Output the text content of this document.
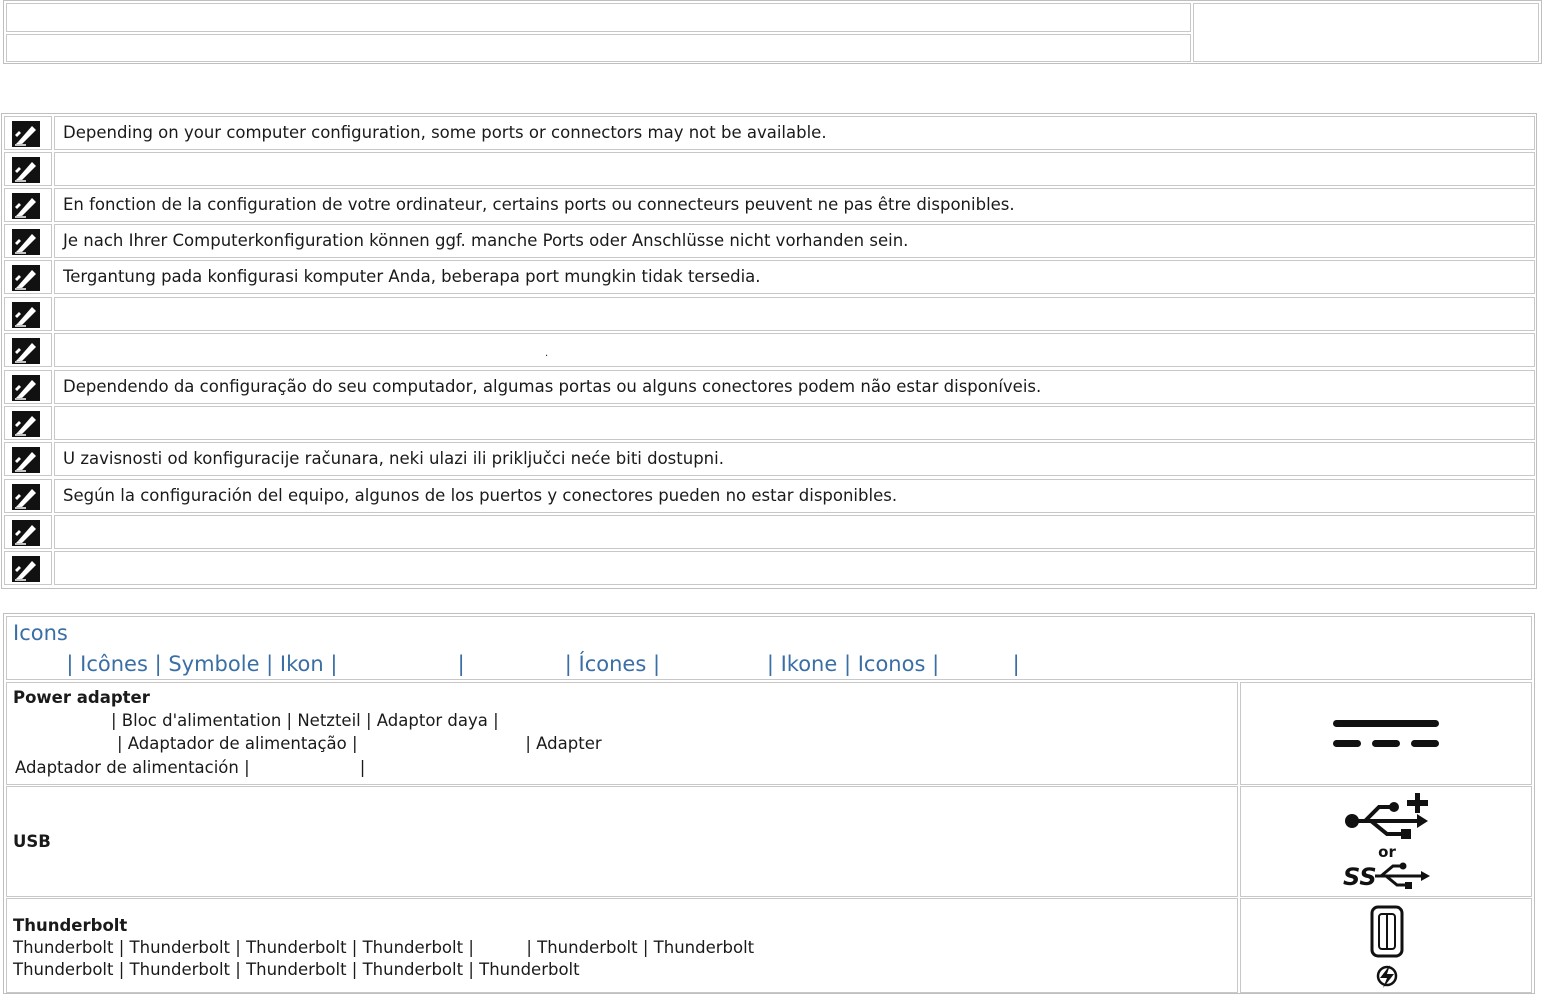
Depending on your computer configuration, some ports or connectors may not be available.
En fonction de la configuration de votre ordinateur, certains ports ou connecteurs peuvent ne pas être disponibles.
Je nach Ihrer Computerkonfiguration können ggf. manche Ports oder Anschlüsse nicht vorhanden sein.
Tergantung pada konfigurasi komputer Anda, beberapa port mungkin tidak tersedia.
.
Dependendo da configuração do seu computador, algumas portas ou alguns conectores podem não estar disponíveis.
U zavisnosti od konfiguracije računara, neki ulazi ili priključci neće biti dostupni.
Según la configuración del equipo, algunos de los puertos y conectores pueden no estar disponibles.
Icons
| Icônes | Symbole | Ikon |                  |               | Ícones |                | Ikone | Iconos |           |
Power adapter
| Bloc d'alimentation | Netzteil | Adaptor daya |
| Adaptador de alimentação |                                | Adapter
Adaptador de alimentación |                     |
USB
or
SS
Thunderbolt
Thunderbolt | Thunderbolt | Thunderbolt | Thunderbolt |          | Thunderbolt | Thunderbolt
Thunderbolt | Thunderbolt | Thunderbolt | Thunderbolt | Thunderbolt
